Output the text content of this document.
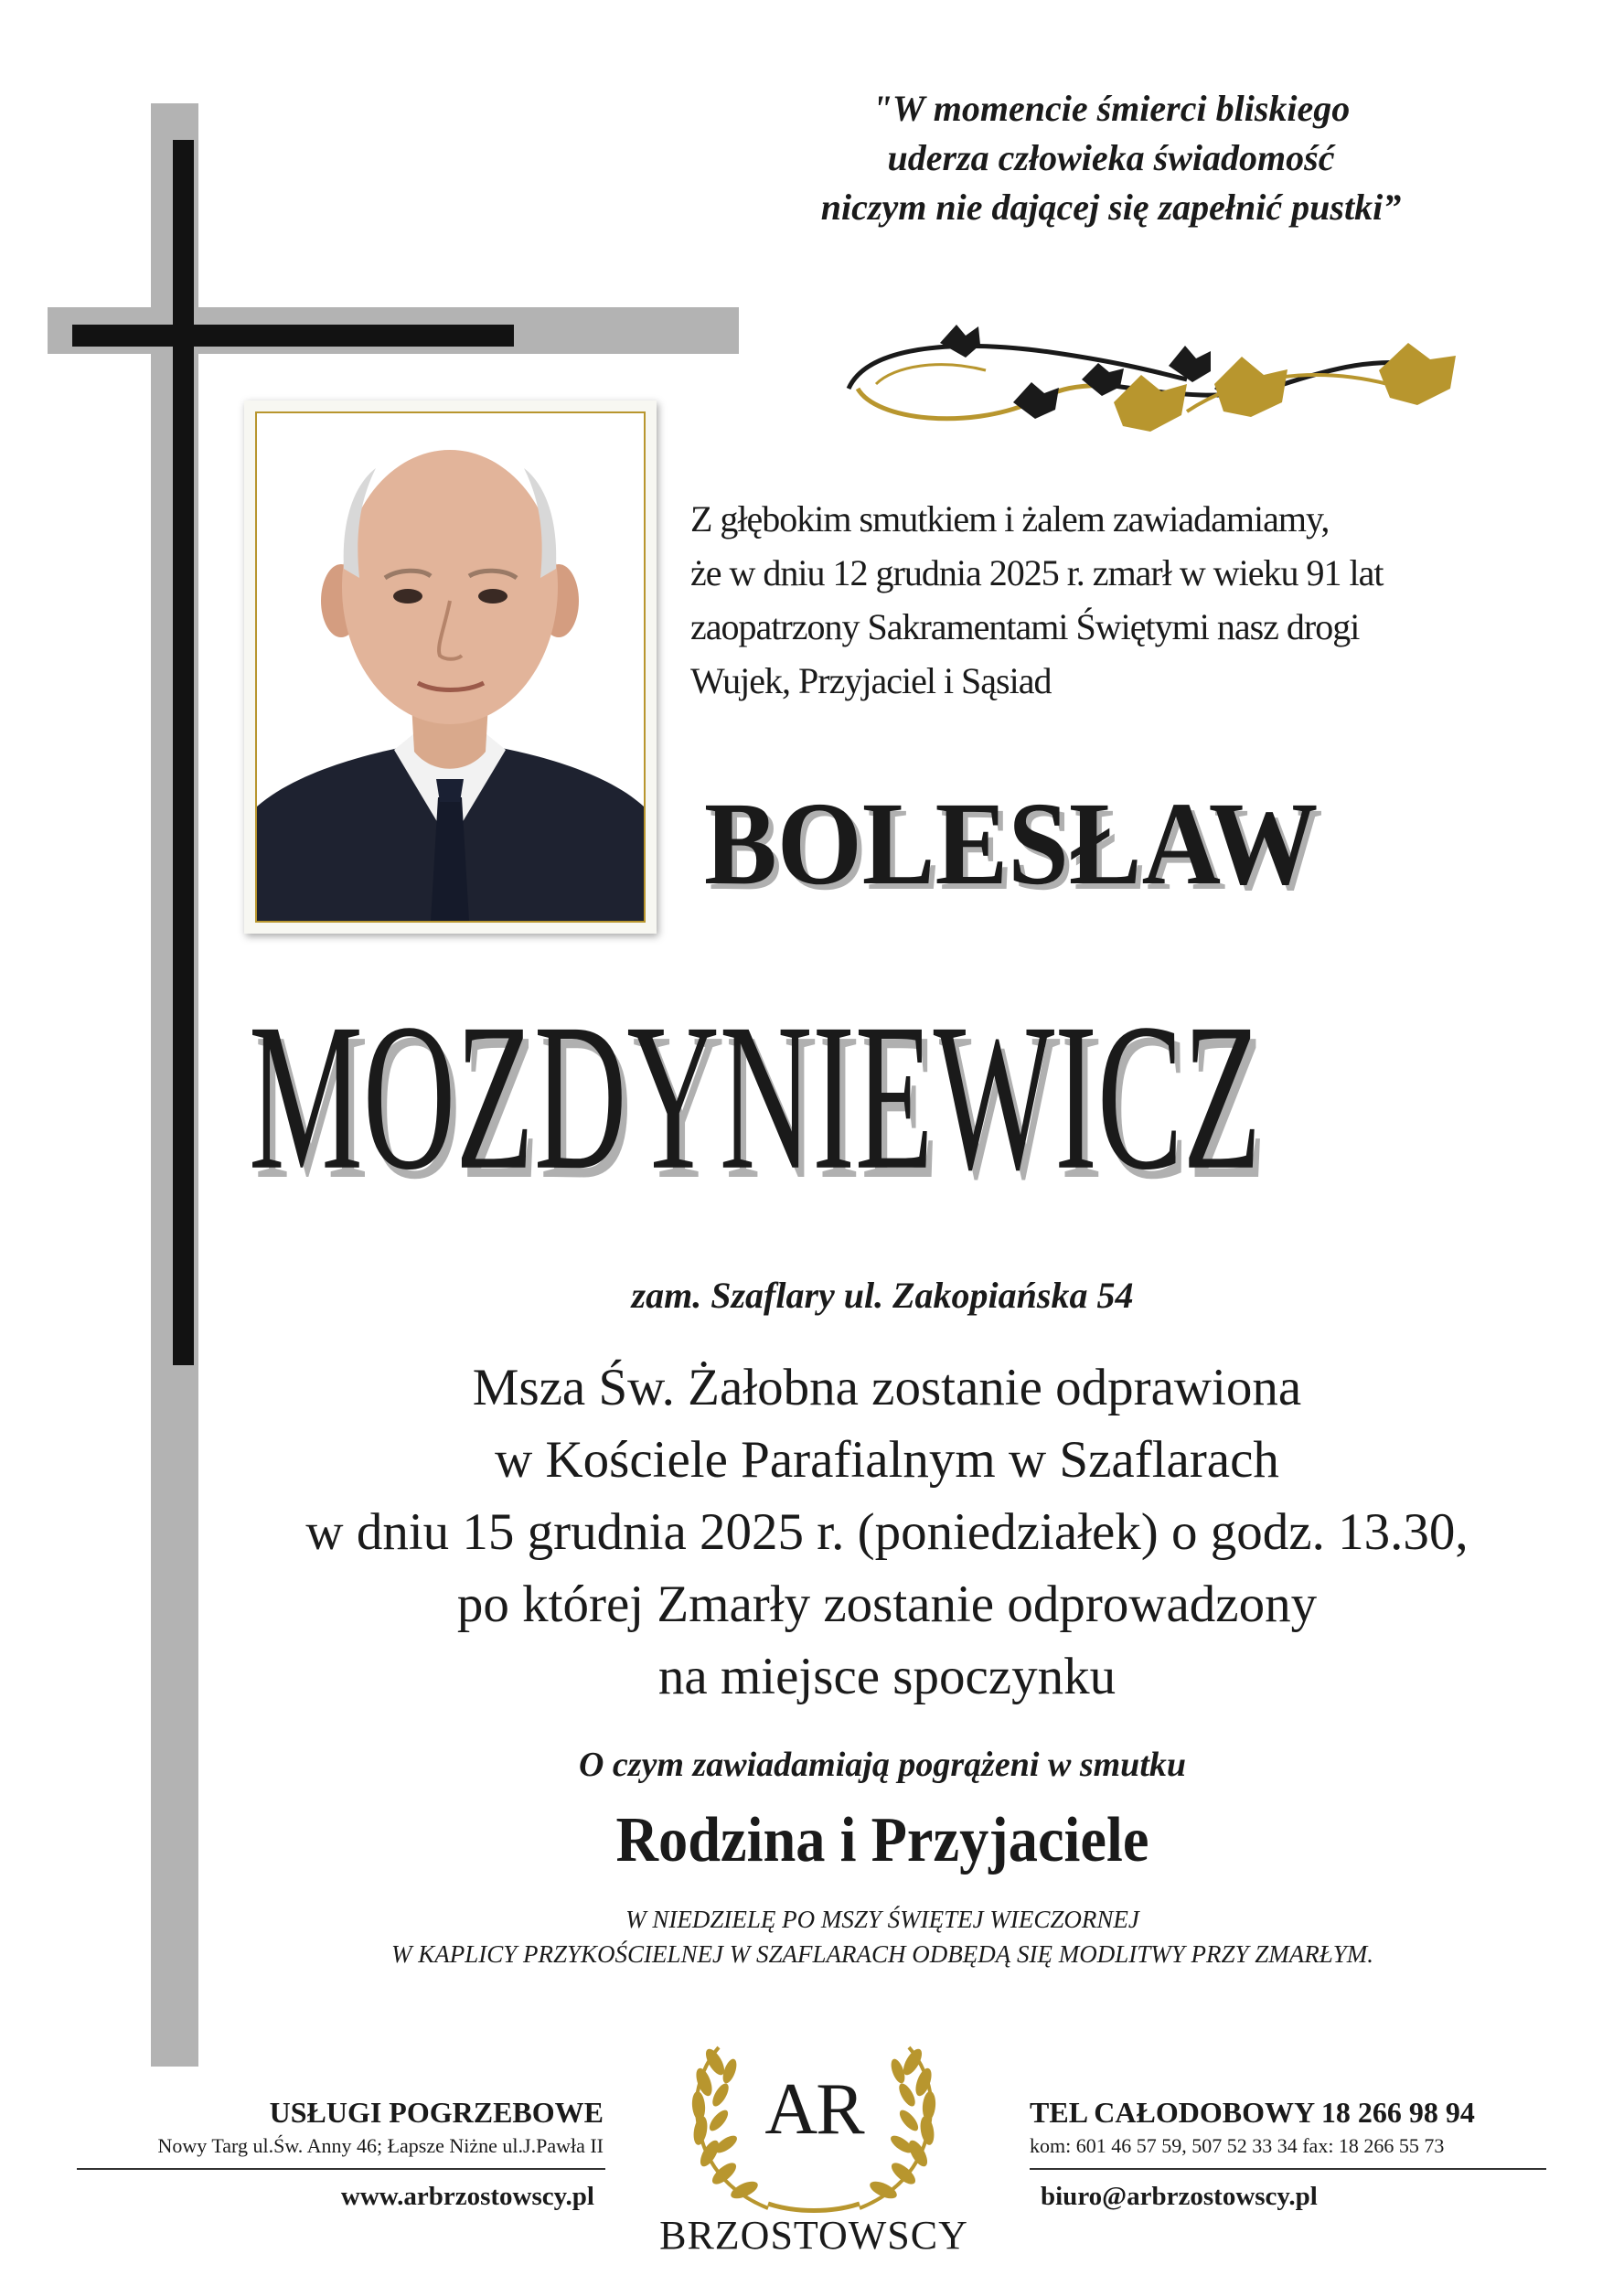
"W momencie śmierci bliskiego
uderza człowieka świadomość
niczym nie dającej się zapełnić pustki”
Z głębokim smutkiem i żalem zawiadamiamy,
że w dniu 12 grudnia 2025 r. zmarł w wieku 91 lat
zaopatrzony Sakramentami Świętymi nasz drogi
Wujek, Przyjaciel i Sąsiad
BOLESŁAW
MOZDYNIEWICZ
zam. Szaflary ul. Zakopiańska 54
Msza Św. Żałobna zostanie odprawiona
w Kościele Parafialnym w Szaflarach
w dniu 15 grudnia 2025 r. (poniedziałek) o godz. 13.30,
po której Zmarły zostanie odprowadzony
na miejsce spoczynku
O czym zawiadamiają pogrążeni w smutku
Rodzina i Przyjaciele
W NIEDZIELĘ PO MSZY ŚWIĘTEJ WIECZORNEJ
W KAPLICY PRZYKOŚCIELNEJ W SZAFLARACH ODBĘDĄ SIĘ MODLITWY PRZY ZMARŁYM.
USŁUGI POGRZEBOWE
Nowy Targ ul.Św. Anny 46; Łapsze Niżne ul.J.Pawła II
www.arbrzostowscy.pl
AR
BRZOSTOWSCY
TEL CAŁODOBOWY 18 266 98 94
kom: 601 46 57 59, 507 52 33 34 fax: 18 266 55 73
biuro@arbrzostowscy.pl
